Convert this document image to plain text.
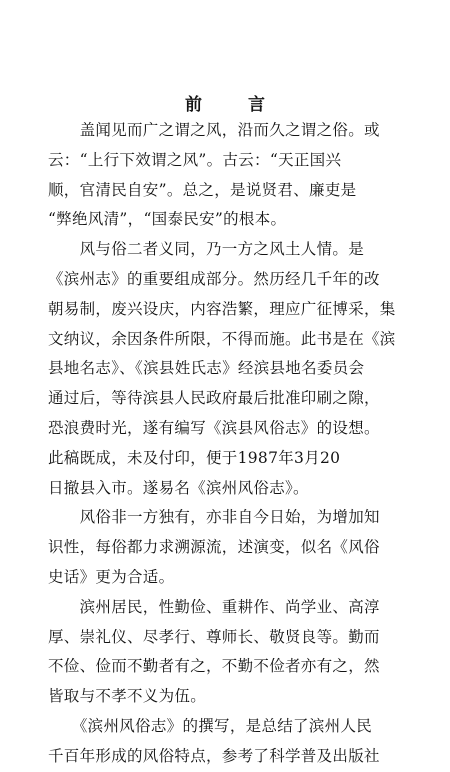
前 言
　　盖闻见而广之谓之风，沿而久之谓之俗。或
云：“上行下效谓之风”。古云：“天正国兴
顺，官清民自安”。总之，是说贤君、廉吏是
“弊绝风清”，“国泰民安”的根本。
　　风与俗二者义同，乃一方之风土人情。是
《滨州志》的重要组成部分。然历经几千年的改
朝易制，废兴设庆，内容浩繁，理应广征博采，集
文纳议，余因条件所限，不得而施。此书是在《滨
县地名志》、《滨县姓氏志》经滨县地名委员会
通过后，等待滨县人民政府最后批准印刷之隙，
恐浪费时光，遂有编写《滨县风俗志》的设想。
此稿既成，未及付印，便于1987年3月20
日撤县入市。遂易名《滨州风俗志》。
　　风俗非一方独有，亦非自今日始，为增加知
识性，每俗都力求溯源流，述演变，似名《风俗
史话》更为合适。
　　滨州居民，性勤俭、重耕作、尚学业、高淳
厚、崇礼仪、尽孝行、尊师长、敬贤良等。勤而
不俭、俭而不勤者有之，不勤不俭者亦有之，然
皆取与不孝不义为伍。
　　《滨州风俗志》的撰写，是总结了滨州人民
千百年形成的风俗特点，参考了科学普及出版社
